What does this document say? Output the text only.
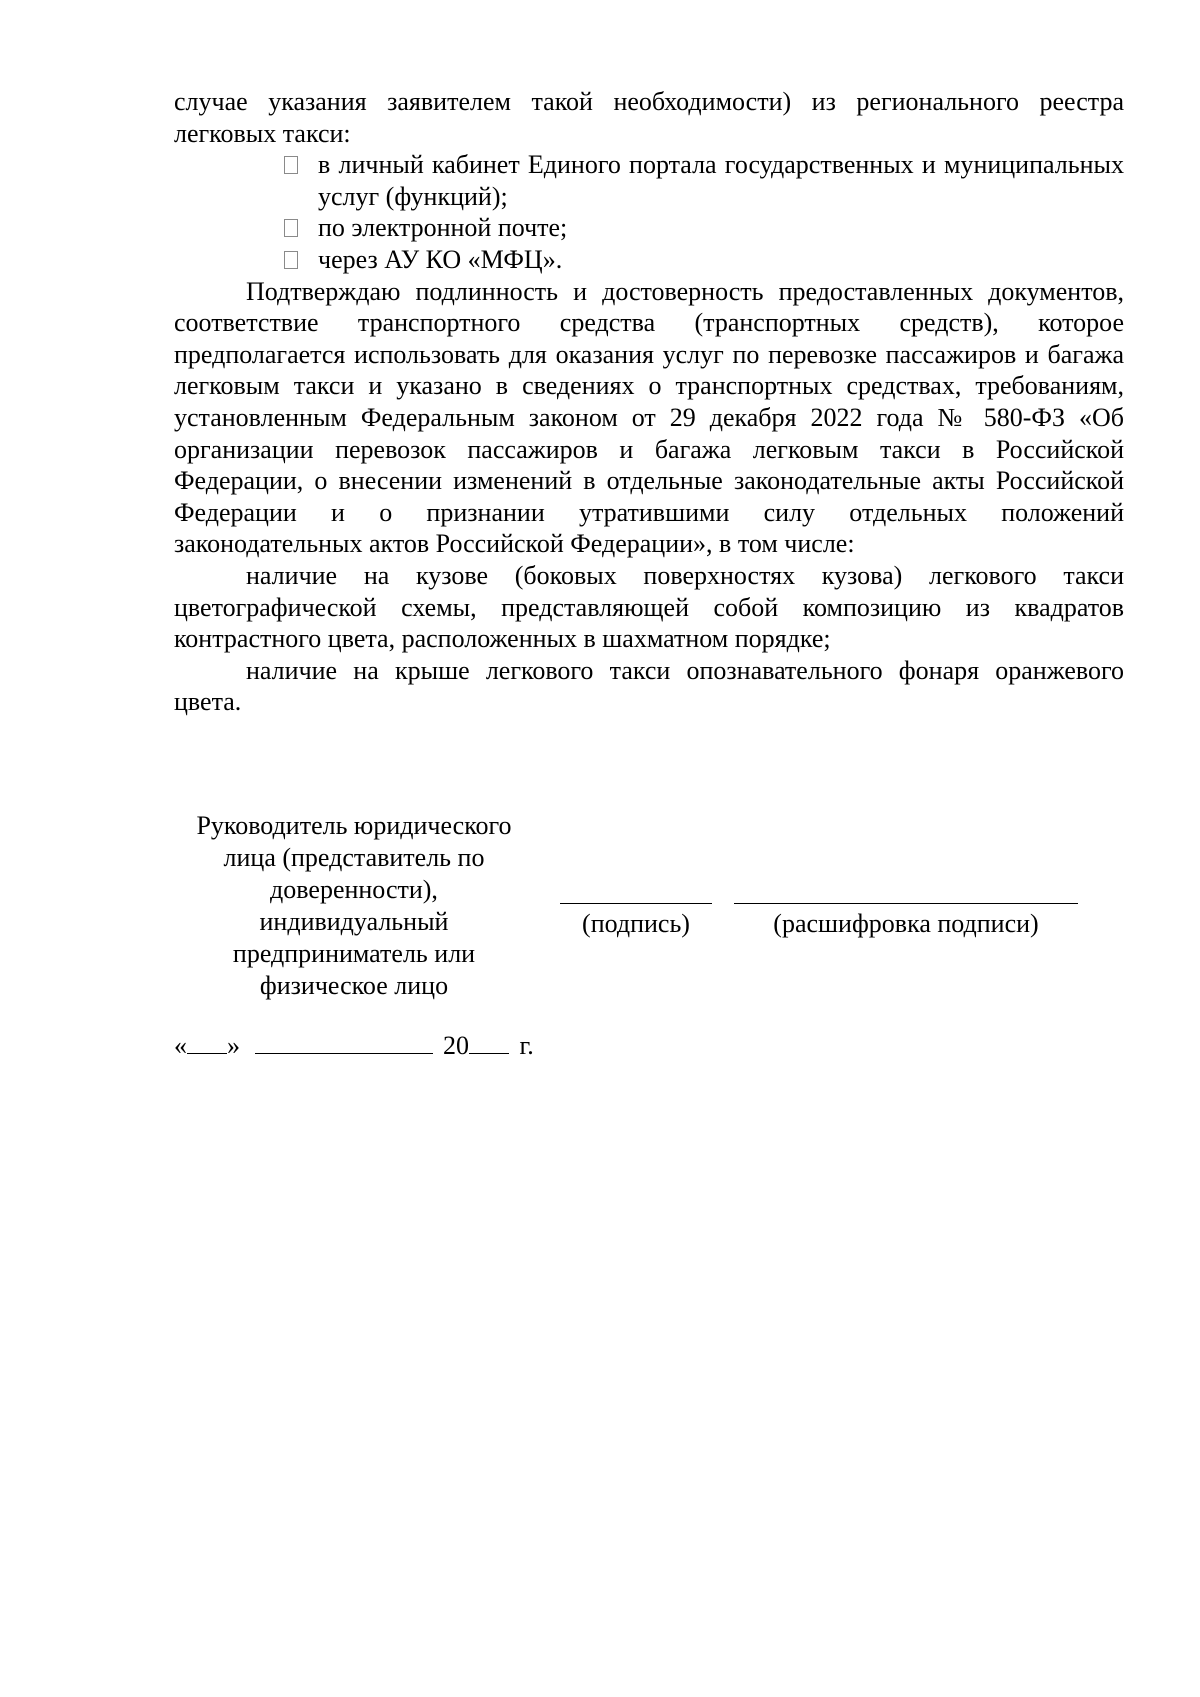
случае указания заявителем такой необходимости) из регионального реестра легковых такси:

в личный кабинет Единого портала государственных и муниципальных услуг (функций);
по электронной почте;
через АУ КО «МФЦ».

Подтверждаю подлинность и достоверность предоставленных документов, соответствие транспортного средства (транспортных средств), которое предполагается использовать для оказания услуг по перевозке пассажиров и багажа легковым такси и указано в сведениях о транспортных средствах, требованиям, установленным Федеральным законом от 29 декабря 2022 года № 580-ФЗ «Об организации перевозок пассажиров и багажа легковым такси в Российской Федерации, о внесении изменений в отдельные законодательные акты Российской Федерации и о признании утратившими силу отдельных положений законодательных актов Российской Федерации», в том числе:

наличие на кузове (боковых поверхностях кузова) легкового такси цветографической схемы, представляющей собой композицию из квадратов контрастного цвета, расположенных в шахматном порядке;

наличие на крыше легкового такси опознавательного фонаря оранжевого цвета.

Руководитель юридического
лица (представитель по
доверенности),
индивидуальный
предприниматель или
физическое лицо
(подпись)	(расшифровка подписи)
« »	20 г.
